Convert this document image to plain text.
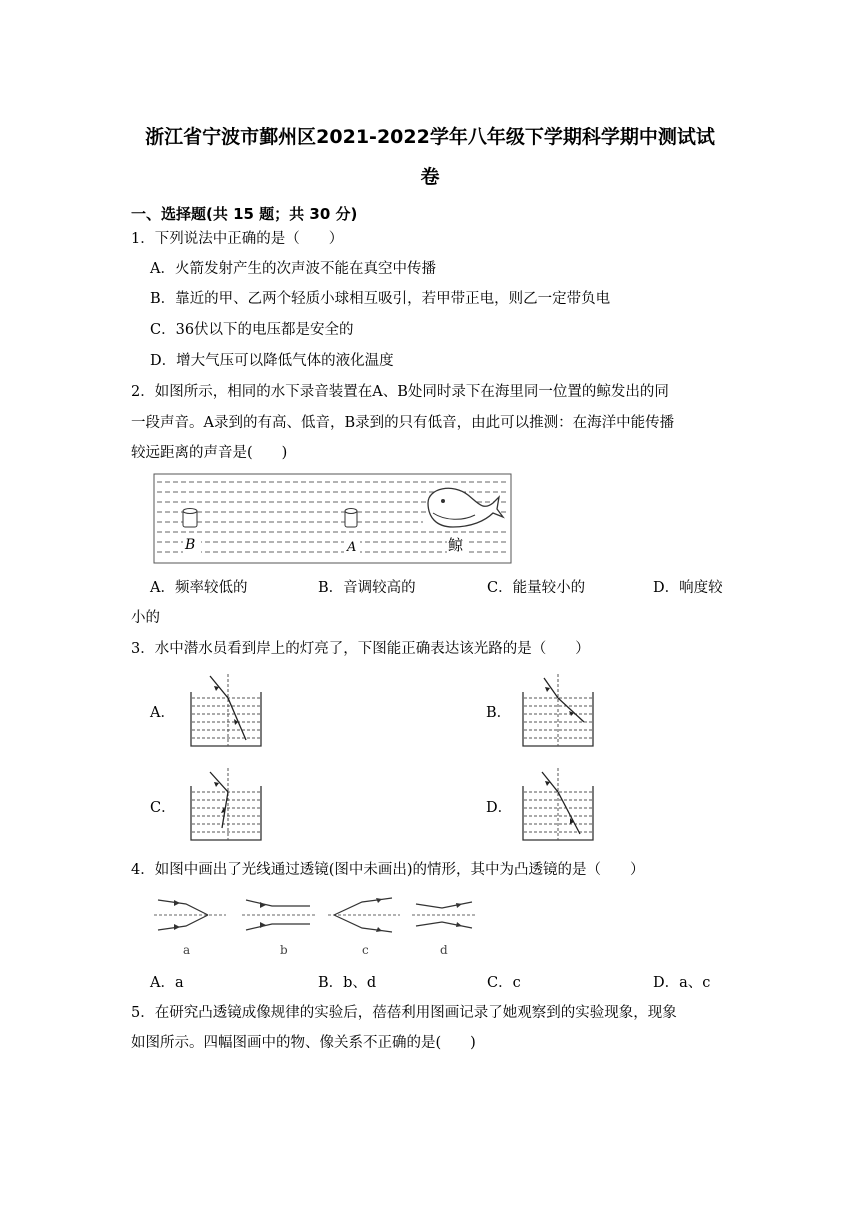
浙江省宁波市鄞州区2021-2022学年八年级下学期科学期中测试试
卷
一、选择题(共 15 题；共 30 分)
1．下列说法中正确的是（　　）
A．火箭发射产生的次声波不能在真空中传播
B．靠近的甲、乙两个轻质小球相互吸引，若甲带正电，则乙一定带负电
C．36伏以下的电压都是安全的
D．增大气压可以降低气体的液化温度
2．如图所示，相同的水下录音装置在A、B处同时录下在海里同一位置的鲸发出的同
一段声音。A录到的有高、低音，B录到的只有低音，由此可以推测：在海洋中能传播
较远距离的声音是(　　)
B	A	鲸
A．频率较低的	B．音调较高的	C．能量较小的	D．响度较
小的
3．水中潜水员看到岸上的灯亮了，下图能正确表达该光路的是（　　）
A．	B．
C．	D．
4．如图中画出了光线通过透镜(图中未画出)的情形，其中为凸透镜的是（　　）
a	b	c	d
A．a	B．b、d	C．c	D．a、c
5．在研究凸透镜成像规律的实验后，蓓蓓利用图画记录了她观察到的实验现象，现象
如图所示。四幅图画中的物、像关系不正确的是(　　)
